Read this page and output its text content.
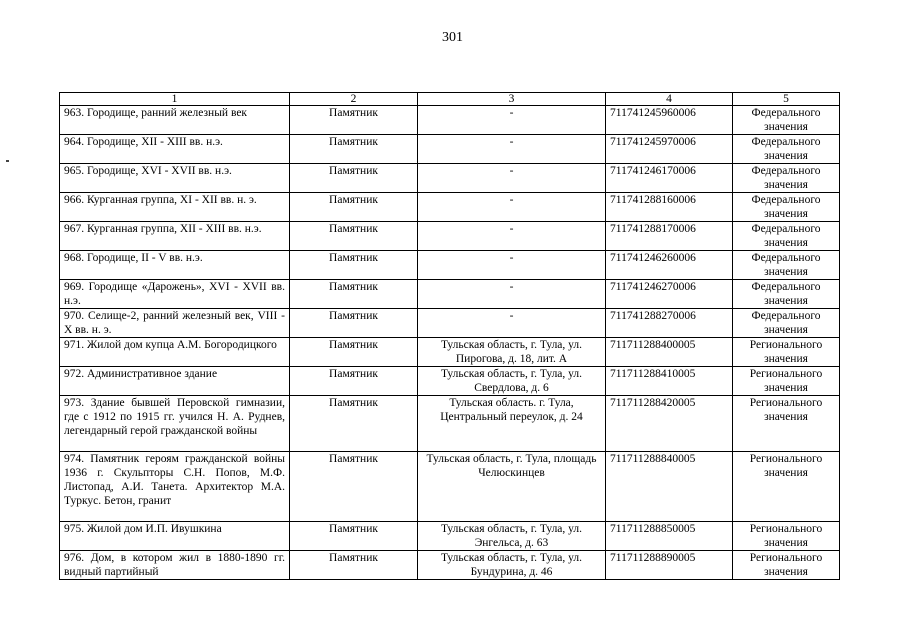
301
1	2	3	4	5
963. Городище, ранний железный век	Памятник	-	711741245960006	Федерального значения
964. Городище, XII - XIII вв. н.э.	Памятник	-	711741245970006	Федерального значения
965. Городище, XVI - XVII вв. н.э.	Памятник	-	711741246170006	Федерального значения
966. Курганная группа, XI - XII вв. н. э.	Памятник	-	711741288160006	Федерального значения
967. Курганная группа, XII - XIII вв. н.э.	Памятник	-	711741288170006	Федерального значения
968. Городище, II - V вв. н.э.	Памятник	-	711741246260006	Федерального значения
969. Городище «Дарожень», XVI - XVII вв. н.э.	Памятник	-	711741246270006	Федерального значения
970. Селище-2, ранний железный век, VIII - X вв. н. э.	Памятник	-	711741288270006	Федерального значения
971. Жилой дом купца А.М. Богородицкого	Памятник	Тульская область, г. Тула, ул. Пирогова, д. 18, лит. А	711711288400005	Регионального значения
972. Административное здание	Памятник	Тульская область, г. Тула, ул. Свердлова, д. 6	711711288410005	Регионального значения
973. Здание бывшей Перовской гимназии, где с 1912 по 1915 гг. учился Н. А. Руднев, легендарный герой гражданской войны	Памятник	Тульская область. г. Тула, Центральный переулок, д. 24	711711288420005	Регионального значения
974. Памятник героям гражданской войны 1936 г. Скульпторы С.Н. Попов, М.Ф. Листопад, А.И. Танета. Архитектор М.А. Туркус. Бетон, гранит	Памятник	Тульская область, г. Тула, площадь Челюскинцев	711711288840005	Регионального значения
975. Жилой дом И.П. Ивушкина	Памятник	Тульская область, г. Тула, ул. Энгельса, д. 63	711711288850005	Регионального значения
976. Дом, в котором жил в 1880-1890 гг. видный партийный	Памятник	Тульская область, г. Тула, ул. Бундурина, д. 46	711711288890005	Регионального значения
